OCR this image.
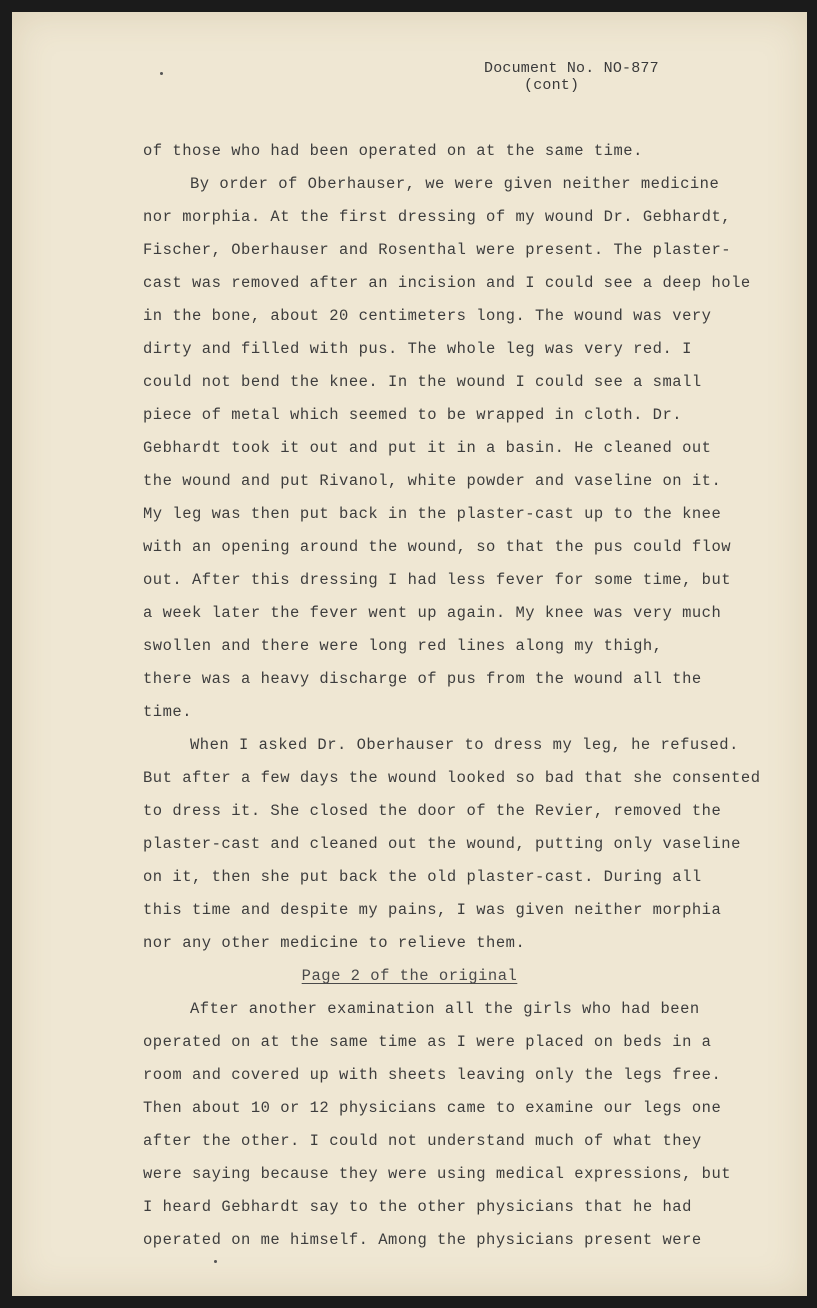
Document No. NO-877
(cont)
of those who had been operated on at the same time.
By order of Oberhauser, we were given neither medicine
nor morphia. At the first dressing of my wound Dr. Gebhardt,
Fischer, Oberhauser and Rosenthal were present. The plaster-
cast was removed after an incision and I could see a deep hole
in the bone, about 20 centimeters long. The wound was very
dirty and filled with pus. The whole leg was very red. I
could not bend the knee. In the wound I could see a small
piece of metal which seemed to be wrapped in cloth. Dr.
Gebhardt took it out and put it in a basin. He cleaned out
the wound and put Rivanol, white powder and vaseline on it.
My leg was then put back in the plaster-cast up to the knee
with an opening around the wound, so that the pus could flow
out. After this dressing I had less fever for some time, but
a week later the fever went up again. My knee was very much
swollen and there were long red lines along my thigh,
there was a heavy discharge of pus from the wound all the
time.
When I asked Dr. Oberhauser to dress my leg, he refused.
But after a few days the wound looked so bad that she consented
to dress it. She closed the door of the Revier, removed the
plaster-cast and cleaned out the wound, putting only vaseline
on it, then she put back the old plaster-cast. During all
this time and despite my pains, I was given neither morphia
nor any other medicine to relieve them.
Page 2 of the original
After another examination all the girls who had been
operated on at the same time as I were placed on beds in a
room and covered up with sheets leaving only the legs free.
Then about 10 or 12 physicians came to examine our legs one
after the other. I could not understand much of what they
were saying because they were using medical expressions, but
I heard Gebhardt say to the other physicians that he had
operated on me himself. Among the physicians present were
